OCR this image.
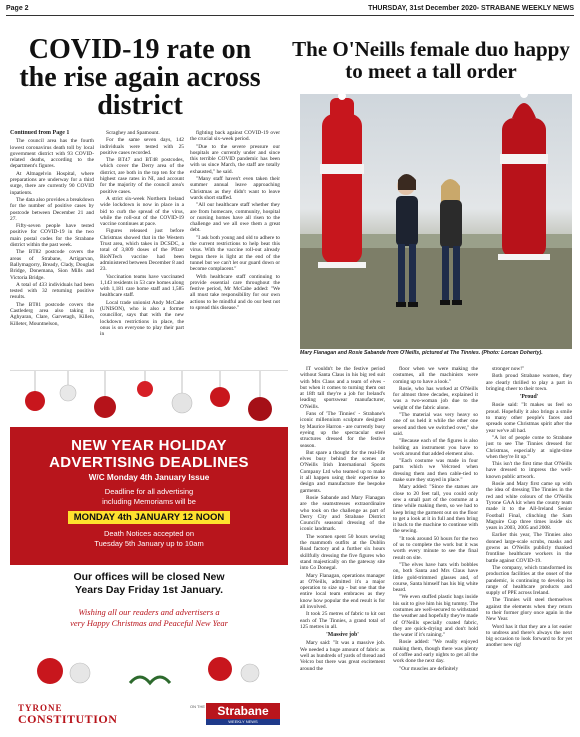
Page 2	THURSDAY, 31st December 2020- STRABANE WEEKLY NEWS
COVID-19 rate on the rise again across district

Continued from Page 1

The council area has the fourth lowest coronavirus death toll by local government district with 93 COVID-related deaths, according to the department's figures.

At Altnagelvin Hospital, where preparations are underway for a third surge, there are currently 90 COVID inpatients.

The data also provides a breakdown for the number of positive cases by postcode between December 21 and 27.

Fifty-seven people have tested positive for COVID-19 in the two main postal codes for the Strabane district within the past week.

The BT82 postcode covers the areas of Strabane, Artigarvan, Ballymagorry, Bready, Clady, Douglas Bridge, Donemana, Sion Mills and Victoria Bridge.

A total of 433 individuals had been tested with 32 returning positive results.

The BT81 postcode covers the Castlederg area also taking in Aghyaran, Clare, Garvetagh, Killen, Killeter, Mountnelson,

Scraghey and Spamount.

For the same seven days, 142 individuals were tested with 25 positive cases recorded.

The BT47 and BT48 postcodes, which cover the Derry area of the district, are both in the top ten for the highest case rates in NI, and account for the majority of the council area's positive cases.

A strict six-week Northern Ireland wide lockdown is now in place in a bid to curb the spread of the virus, while the roll-out of the COVID-19 vaccine continues at pace.

Figures released just before Christmas showed that in the Western Trust area, which takes in DCSDC, a total of 3,809 doses of the Pfizer BioNTech vaccine had been administered between December 8 and 23.

Vaccination teams have vaccinated 1,143 residents in 53 care homes along with 1,181 care home staff and 1,585 healthcare staff.

Local trade unionist Andy McCabe (UNISON), who is also a former councillor, says that with the new lockdown restrictions in place, the onus is on everyone to play their part in

fighting back against COVID-19 over the crucial six-week period.

"Due to the severe pressure our hospitals are currently under and since this terrible COVID pandemic has been with us since March, the staff are totally exhausted," he said.

"Many staff haven't even taken their summer annual leave approaching Christmas as they didn't want to leave wards short staffed.

"All our healthcare staff whether they are from homecare, community, hospital or nursing homes have all risen to the challenge and we all owe them a great debt.

"I ask both young and old to adhere to the current restrictions to help beat this virus. With the vaccine roll-out already begun there is light at the end of the tunnel but we can't let our guard down or become complacent."

With healthcare staff continuing to provide essential care throughout the festive period, Mr McCabe added: "We all must take responsibility for our own actions to be mindful and do our best not to spread this disease."

NEW YEAR HOLIDAY
ADVERTISING DEADLINES
W/C Monday 4th January Issue
Deadline for all advertising
including Memoriams will be
MONDAY 4th JANUARY 12 NOON
Death Notices accepted on
Tuesday 5th January up to 10am
Our offices will be closed New
Years Day Friday 1st January.
Wishing all our readers and advertisers a
very Happy Christmas and Peaceful New Year
TYRONE
CONSTITUTION
ON THE	Strabane
WEEKLY NEWS
The O'Neills female duo happy to meet a tall order
Mary Flanagan and Rosie Sabande from O'Neills, pictured at The Tinnies. (Photo: Lorcan Doherty).

IT wouldn't be the festive period without Santa Claus in his big red suit with Mrs Claus and a team of elves - but when it comes to turning them out at 18ft tall they're a job for Ireland's leading sportswear manufacturer, O'Neills.

Fans of 'The Tinnies' - Strabane's iconic millennium sculpture designed by Maurice Harron - are currently busy eyeing up the spectacular steel structures dressed for the festive season.

But spare a thought for the real-life elves busy behind the scenes at O'Neills Irish International Sports Company Ltd who teamed up to make it all happen using their expertise to design and manufacture the bespoke garments.

Rosie Sabande and Mary Flanagan are the seamstresses extraordinaire who took on the challenge as part of Derry City and Strabane District Council's seasonal dressing of the iconic landmark.

The women spent 50 hours sewing the mammoth outfits at the Dublin Road factory and a further six hours skillfully dressing the five figures who stand majestically on the gateway site into Co Donegal.

Mary Flanagan, operations manager at O'Neills, admitted it's a major operation to size up - but one that the entire local team embraces as they know how popular the end result is for all involved.

It took 25 metres of fabric to kit out each of The Tinnies, a grand total of 125 metres in all.

'Massive job'

Mary said: "It was a massive job. We needed a huge amount of fabric as well as hundreds of yards of thread and Velcro but there was great excitement around the

floor when we were making the costumes, all the machinists were coming up to have a look."

Rosie, who has worked at O'Neills for almost three decades, explained it was a two-woman job due to the weight of the fabric alone.

"The material was very heavy so one of us held it while the other one sewed and then we switched over," she said.

"Because each of the figures is also holding an instrument you have to work around that added element also.

"Each costume was made in four parts which we Velcroed when dressing them and then cable-tied to make sure they stayed in place."

Mary added: "Since the statues are close to 20 feet tall, you could only sew a small part of the costume at a time while making them, so we had to keep bring the garment out on the floor to get a look at it in full and then bring it back to the machine to continue with the sewing.

"It took around 50 hours for the two of us to complete the work but it was worth every minute to see the final result on site.

"The elves have hats with bobbles on, both Santa and Mrs Claus have little gold-trimmed glasses and, of course, Santa himself has his big white beard.

"We even stuffed plastic bags inside his suit to give him his big tummy. The costumes are well-secured to withstand the weather and hopefully they're made of O'Neills specially coated fabric, they are quick-drying and don't hold the water if it's raining."

Rosie added: "We really enjoyed making them, though there was plenty of coffee and early nights to get all the work done the next day.

"Our muscles are definitely

stronger now!"

Both proud Strabane women, they are clearly thrilled to play a part in bringing cheer to their town.

'Proud'

Rosie said: "It makes us feel so proud. Hopefully it also brings a smile to many other people's faces and spreads some Christmas spirit after the year we've all had.

"A lot of people come to Strabane just to see The Tinnies dressed for Christmas, especially at night-time when they're lit up."

This isn't the first time that O'Neills have dressed to impress the well-known public artwork.

Rosie and Mary first came up with the idea of dressing The Tinnies in the red and white colours of the O'Neills Tyrone GAA kit when the county team made it to the All-Ireland Senior Football Final, clinching the Sam Maguire Cup three times inside six years in 2003, 2005 and 2008.

Earlier this year, The Tinnies also donned large-scale scrubs, masks and gowns as O'Neills publicly thanked frontline healthcare workers in the battle against COVID-19.

The company, which transformed its production facilities at the onset of the pandemic, is continuing to develop its range of healthcare products and supply of PPE across Ireland.

The Tinnies will steel themselves against the elements when they return to their former glory once again in the New Year.

Word has it that they are a lot easier to undress and there's always the next big occasion to look forward to for yet another new rig!
